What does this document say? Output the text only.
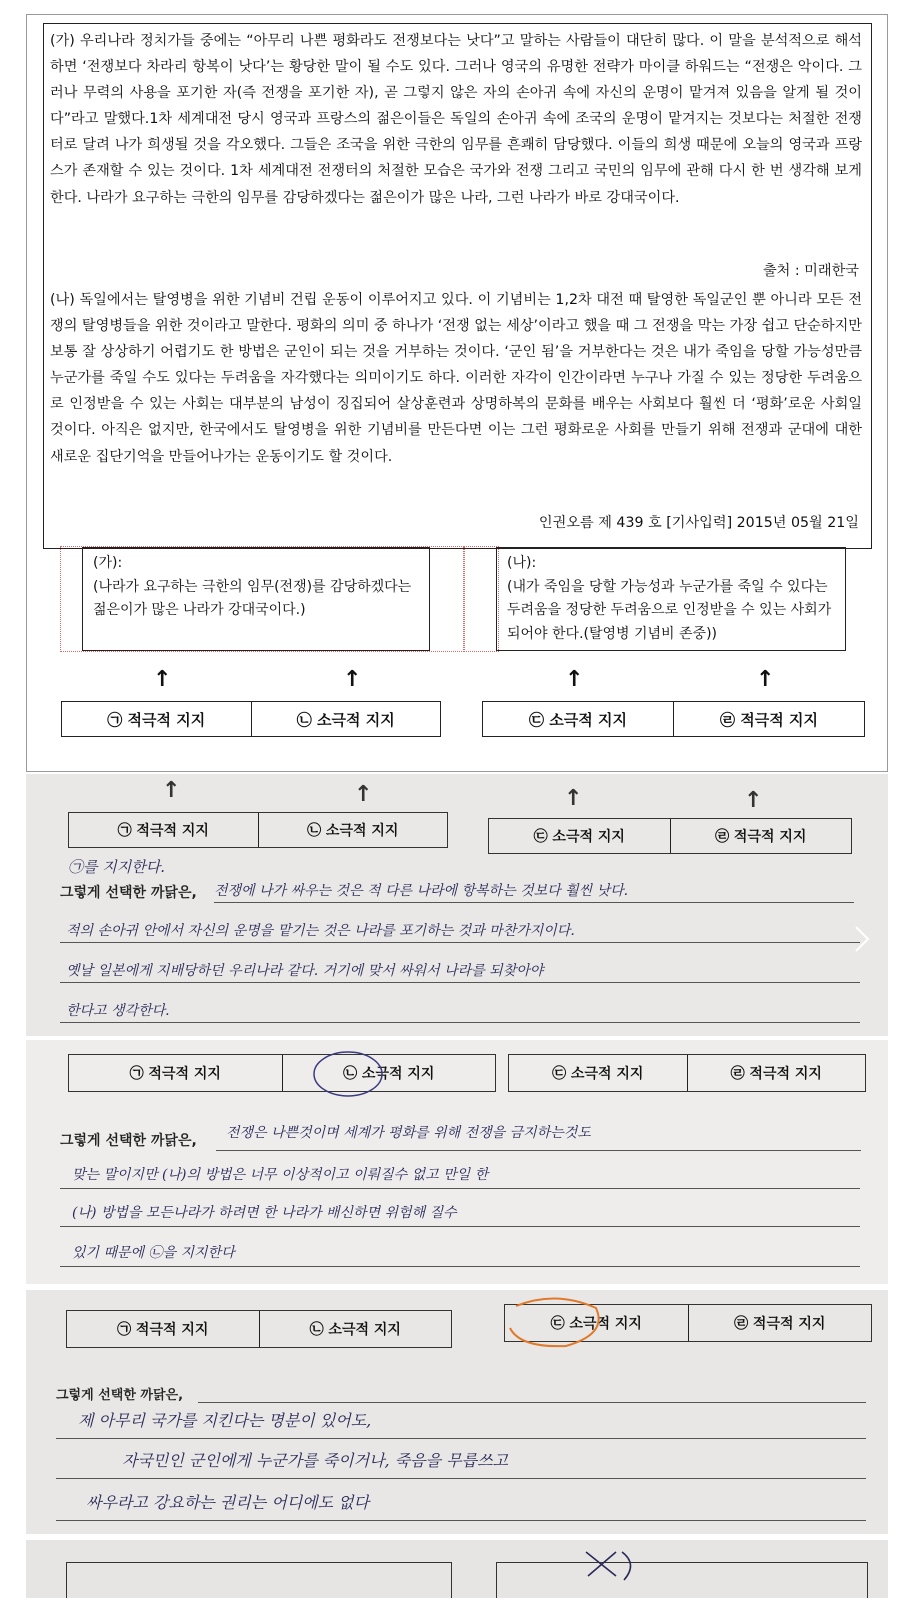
(가) 우리나라 정치가들 중에는 “아무리 나쁜 평화라도 전쟁보다는 낫다”고 말하는 사람들이 대단히 많다. 이 말을 분석적으로 해석하면 ‘전쟁보다 차라리 항복이 낫다’는 황당한 말이 될 수도 있다. 그러나 영국의 유명한 전략가 마이클 하워드는 “전쟁은 악이다. 그러나 무력의 사용을 포기한 자(즉 전쟁을 포기한 자), 곧 그렇지 않은 자의 손아귀 속에 자신의 운명이 맡겨져 있음을 알게 될 것이다”라고 말했다.1차 세계대전 당시 영국과 프랑스의 젊은이들은 독일의 손아귀 속에 조국의 운명이 맡겨지는 것보다는 처절한 전쟁터로 달려 나가 희생될 것을 각오했다. 그들은 조국을 위한 극한의 임무를 흔쾌히 담당했다. 이들의 희생 때문에 오늘의 영국과 프랑스가 존재할 수 있는 것이다. 1차 세계대전 전쟁터의 처절한 모습은 국가와 전쟁 그리고 국민의 임무에 관해 다시 한 번 생각해 보게 한다. 나라가 요구하는 극한의 임무를 감당하겠다는 젊은이가 많은 나라, 그런 나라가 바로 강대국이다.

출처 : 미래한국

(나) 독일에서는 탈영병을 위한 기념비 건립 운동이 이루어지고 있다. 이 기념비는 1,2차 대전 때 탈영한 독일군인 뿐 아니라 모든 전쟁의 탈영병들을 위한 것이라고 말한다. 평화의 의미 중 하나가 ‘전쟁 없는 세상’이라고 했을 때 그 전쟁을 막는 가장 쉽고 단순하지만 보통 잘 상상하기 어렵기도 한 방법은 군인이 되는 것을 거부하는 것이다. ‘군인 됨’을 거부한다는 것은 내가 죽임을 당할 가능성만큼 누군가를 죽일 수도 있다는 두려움을 자각했다는 의미이기도 하다. 이러한 자각이 인간이라면 누구나 가질 수 있는 정당한 두려움으로 인정받을 수 있는 사회는 대부분의 남성이 징집되어 살상훈련과 상명하복의 문화를 배우는 사회보다 훨씬 더 ‘평화’로운 사회일 것이다. 아직은 없지만, 한국에서도 탈영병을 위한 기념비를 만든다면 이는 그런 평화로운 사회를 만들기 위해 전쟁과 군대에 대한 새로운 집단기억을 만들어나가는 운동이기도 할 것이다.

인권오름 제 439 호 [기사입력] 2015년 05월 21일
(가):
(나라가 요구하는 극한의 임무(전쟁)를 감당하겠다는 젊은이가 많은 나라가 강대국이다.)
(나):
(내가 죽임을 당할 가능성과 누군가를 죽일 수 있다는 두려움을 정당한 두려움으로 인정받을 수 있는 사회가 되어야 한다.(탈영병 기념비 존중))
↑	↑	↑	↑
㉠ 적극적 지지	㉡ 소극적 지지	㉢ 소극적 지지	㉣ 적극적 지지
↑	↑	↑	↑
㉠ 적극적 지지	㉡ 소극적 지지	㉢ 소극적 지지	㉣ 적극적 지지
㉠를 지지한다.
그렇게 선택한 까닭은, 전쟁에 나가 싸우는 것은 적 다른 나라에 항복하는 것보다 훨씬 낫다.
적의 손아귀 안에서 자신의 운명을 맡기는 것은 나라를 포기하는 것과 마찬가지이다.
옛날 일본에게 지배당하던 우리나라 같다. 거기에 맞서 싸워서 나라를 되찾아야
한다고 생각한다.
㉠ 적극적 지지	㉡ 소극적 지지	㉢ 소극적 지지	㉣ 적극적 지지
그렇게 선택한 까닭은, 전쟁은 나쁜것이며 세계가 평화를 위해 전쟁을 금지하는것도
맞는 말이지만 (나)의 방법은 너무 이상적이고 이뤄질수 없고 만일 한
(나) 방법을 모든나라가 하려면 한 나라가 배신하면 위험해 질수
있기 때문에 ㉡을 지지한다
㉠ 적극적 지지	㉡ 소극적 지지	㉢ 소극적 지지	㉣ 적극적 지지
그렇게 선택한 까닭은,
제 아무리 국가를 지킨다는 명분이 있어도,
자국민인 군인에게 누군가를 죽이거나, 죽음을 무릅쓰고
싸우라고 강요하는 권리는 어디에도 없다
